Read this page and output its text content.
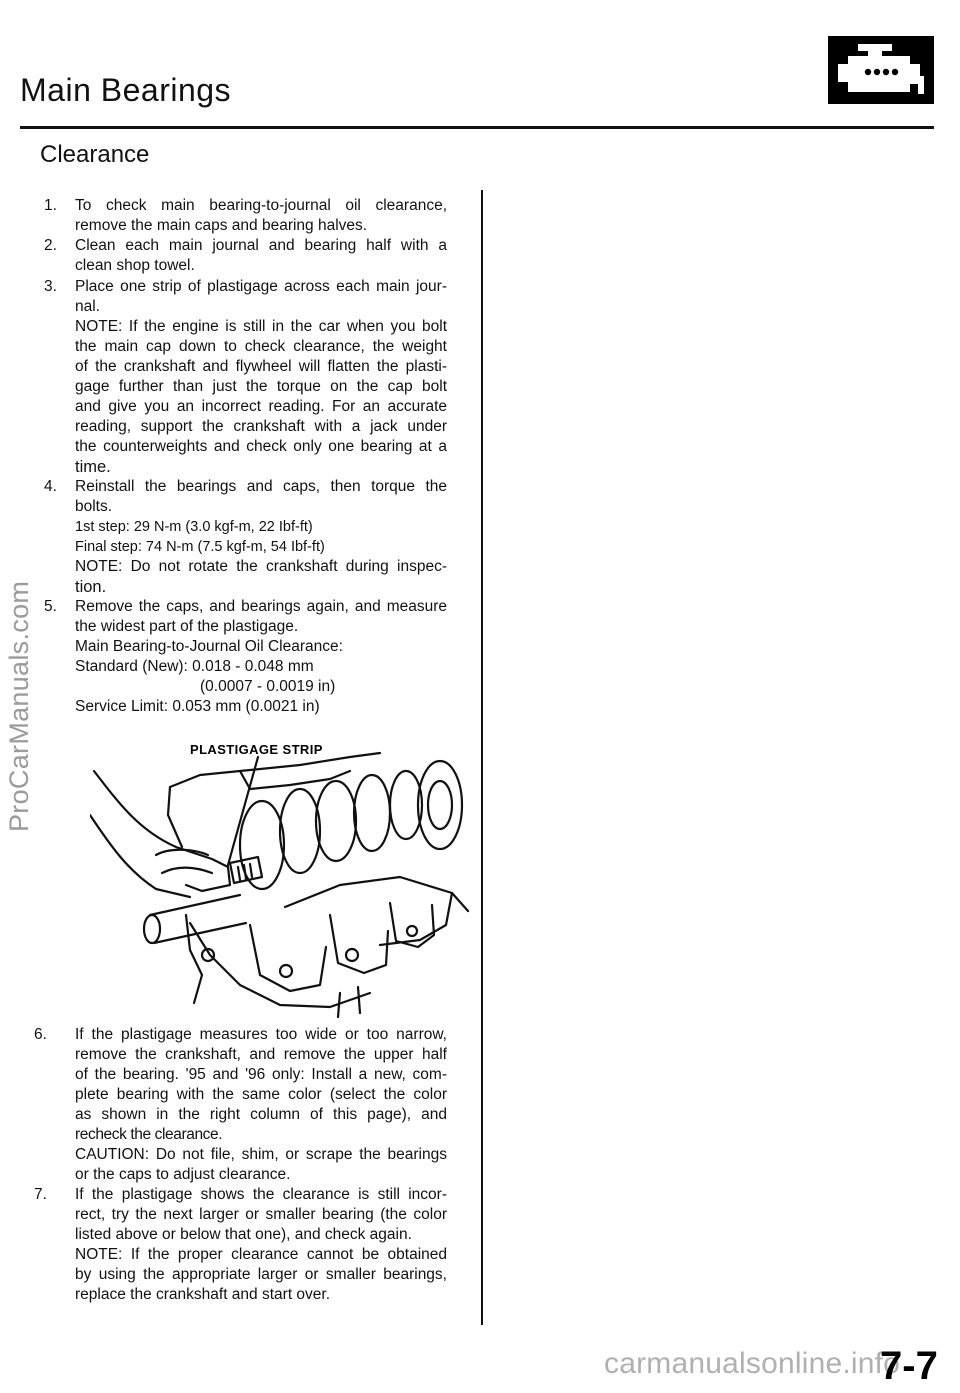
Main Bearings
Clearance
ProCarManuals.com
1. To check main bearing-to-journal oil clearance,
remove the main caps and bearing halves.
2. Clean each main journal and bearing half with a
clean shop towel.
3. Place one strip of plastigage across each main jour-
nal.
NOTE: If the engine is still in the car when you bolt
the main cap down to check clearance, the weight
of the crankshaft and flywheel will flatten the plasti-
gage further than just the torque on the cap bolt
and give you an incorrect reading. For an accurate
reading, support the crankshaft with a jack under
the counterweights and check only one bearing at a
time.
4. Reinstall the bearings and caps, then torque the
bolts.
1st step: 29 N-m (3.0 kgf-m, 22 Ibf-ft)
Final step: 74 N-m (7.5 kgf-m, 54 Ibf-ft)
NOTE: Do not rotate the crankshaft during inspec-
tion.
5. Remove the caps, and bearings again, and measure
the widest part of the plastigage.
Main Bearing-to-Journal Oil Clearance:
Standard (New): 0.018 - 0.048 mm
(0.0007 - 0.0019 in)
Service Limit: 0.053 mm (0.0021 in)
PLASTIGAGE STRIP
6. If the plastigage measures too wide or too narrow,
remove the crankshaft, and remove the upper half
of the bearing. '95 and '96 only: Install a new, com-
plete bearing with the same color (select the color
as shown in the right column of this page), and
recheck the clearance.
CAUTION: Do not file, shim, or scrape the bearings
or the caps to adjust clearance.
7. If the plastigage shows the clearance is still incor-
rect, try the next larger or smaller bearing (the color
listed above or below that one), and check again.
NOTE: If the proper clearance cannot be obtained
by using the appropriate larger or smaller bearings,
replace the crankshaft and start over.
carmanualsonline.info
7-7
